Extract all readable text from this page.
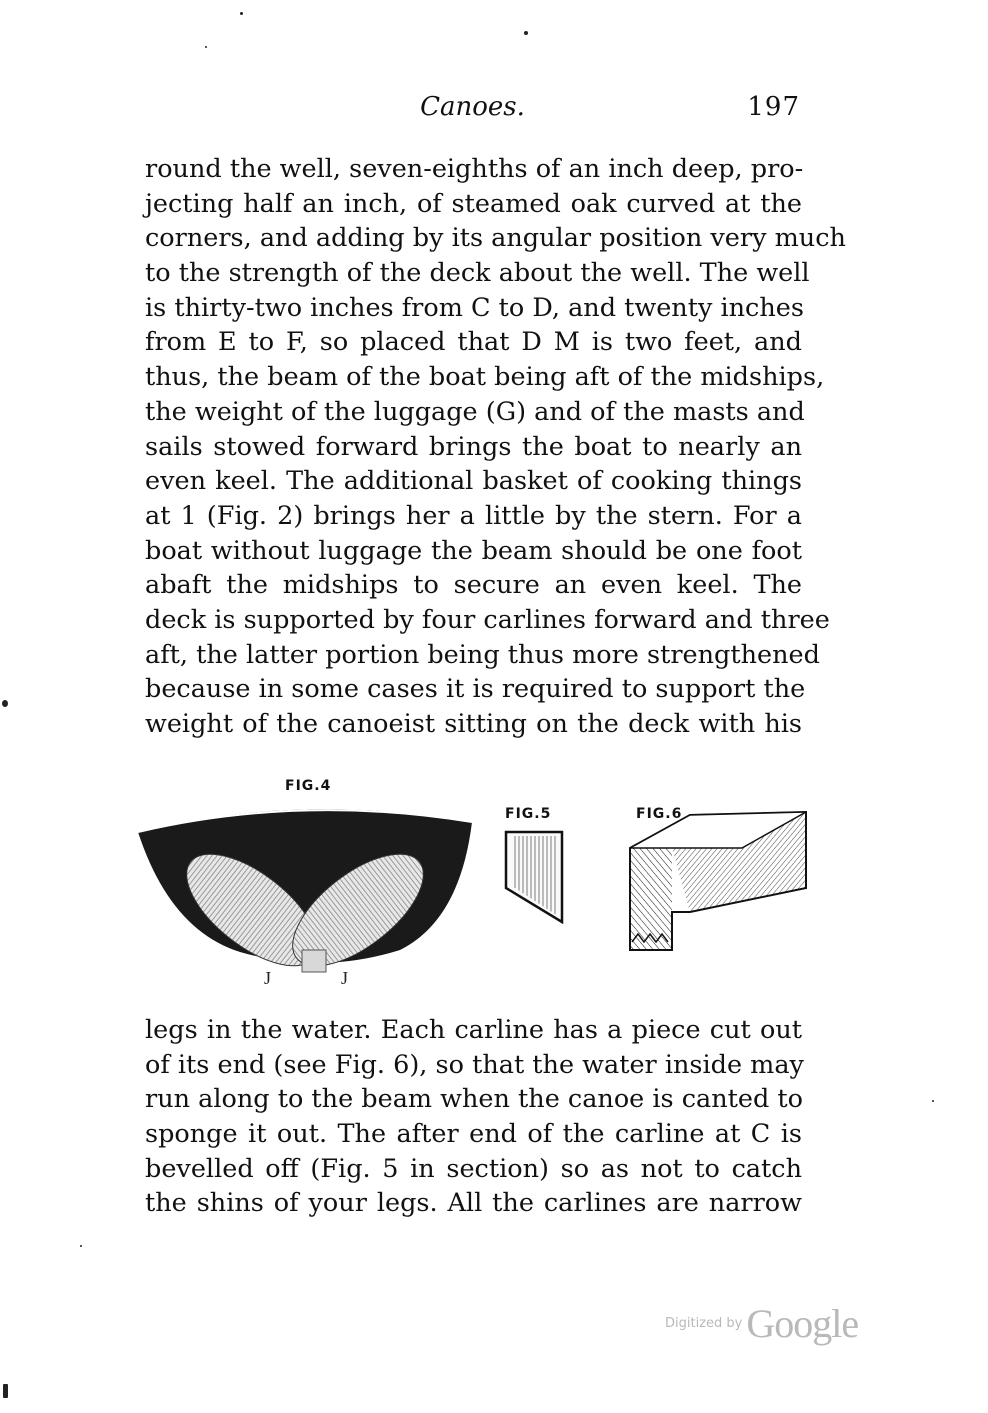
Canoes.	197
round the well, seven-eighths of an inch deep, pro-
jecting half an inch, of steamed oak curved at the
corners, and adding by its angular position very much
to the strength of the deck about the well. The well
is thirty-two inches from C to D, and twenty inches
from E to F, so placed that D M is two feet, and
thus, the beam of the boat being aft of the midships,
the weight of the luggage (G) and of the masts and
sails stowed forward brings the boat to nearly an
even keel. The additional basket of cooking things
at 1 (Fig. 2) brings her a little by the stern. For a
boat without luggage the beam should be one foot
abaft the midships to secure an even keel. The
deck is supported by four carlines forward and three
aft, the latter portion being thus more strengthened
because in some cases it is required to support the
weight of the canoeist sitting on the deck with his
FIG.4
FIG.5	FIG.6
J	J
legs in the water. Each carline has a piece cut out
of its end (see Fig. 6), so that the water inside may
run along to the beam when the canoe is canted to
sponge it out. The after end of the carline at C is
bevelled off (Fig. 5 in section) so as not to catch
the shins of your legs. All the carlines are narrow
Digitized by Google
